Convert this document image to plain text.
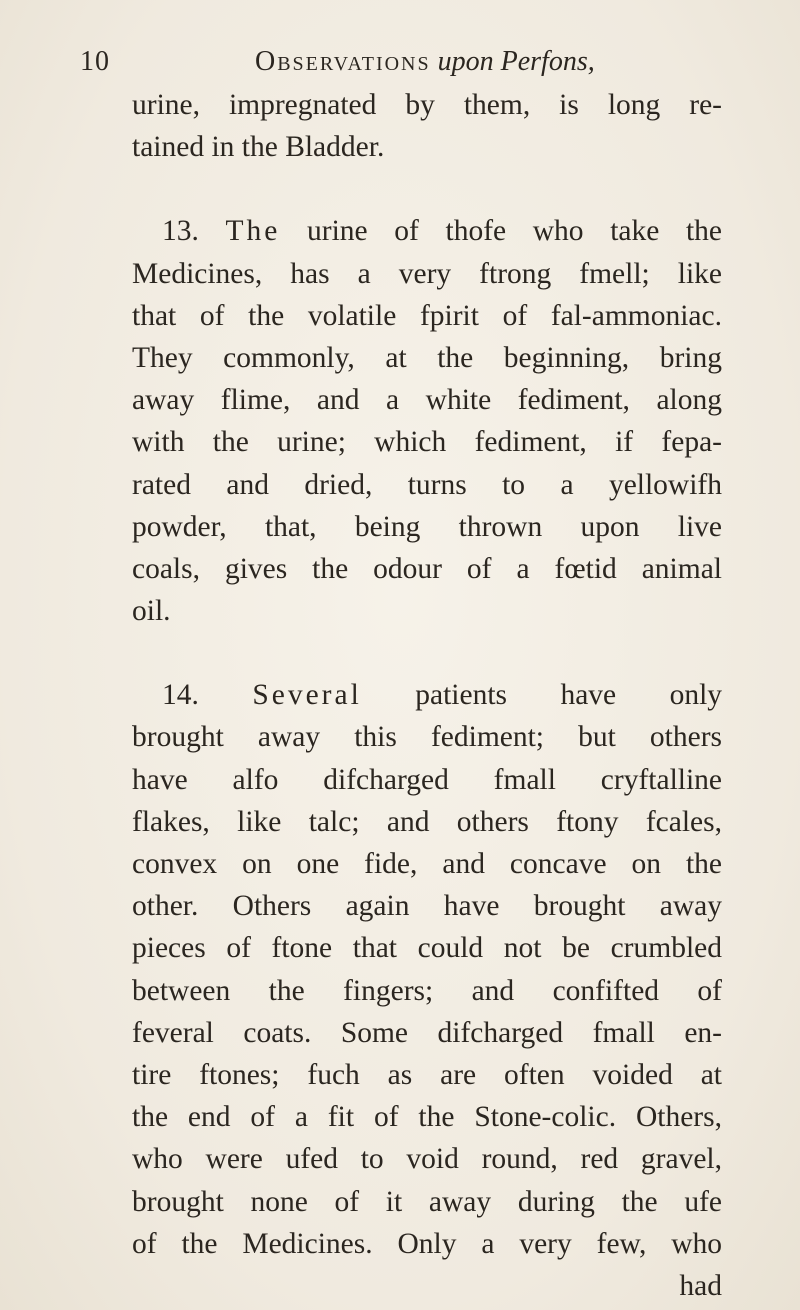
10	Observations upon Perfons,
urine, impregnated by them, is long re-
tained in the Bladder.
13. The urine of thofe who take the
Medicines, has a very ftrong fmell; like
that of the volatile fpirit of fal-ammoniac.
They commonly, at the beginning, bring
away flime, and a white fediment, along
with the urine; which fediment, if fepa-
rated and dried, turns to a yellowifh
powder, that, being thrown upon live
coals, gives the odour of a fœtid animal
oil.
14. Several patients have only
brought away this fediment; but others
have alfo difcharged fmall cryftalline
flakes, like talc; and others ftony fcales,
convex on one fide, and concave on the
other. Others again have brought away
pieces of ftone that could not be crumbled
between the fingers; and confifted of
feveral coats. Some difcharged fmall en-
tire ftones; fuch as are often voided at
the end of a fit of the Stone-colic. Others,
who were ufed to void round, red gravel,
brought none of it away during the ufe
of the Medicines. Only a very few, who
had
